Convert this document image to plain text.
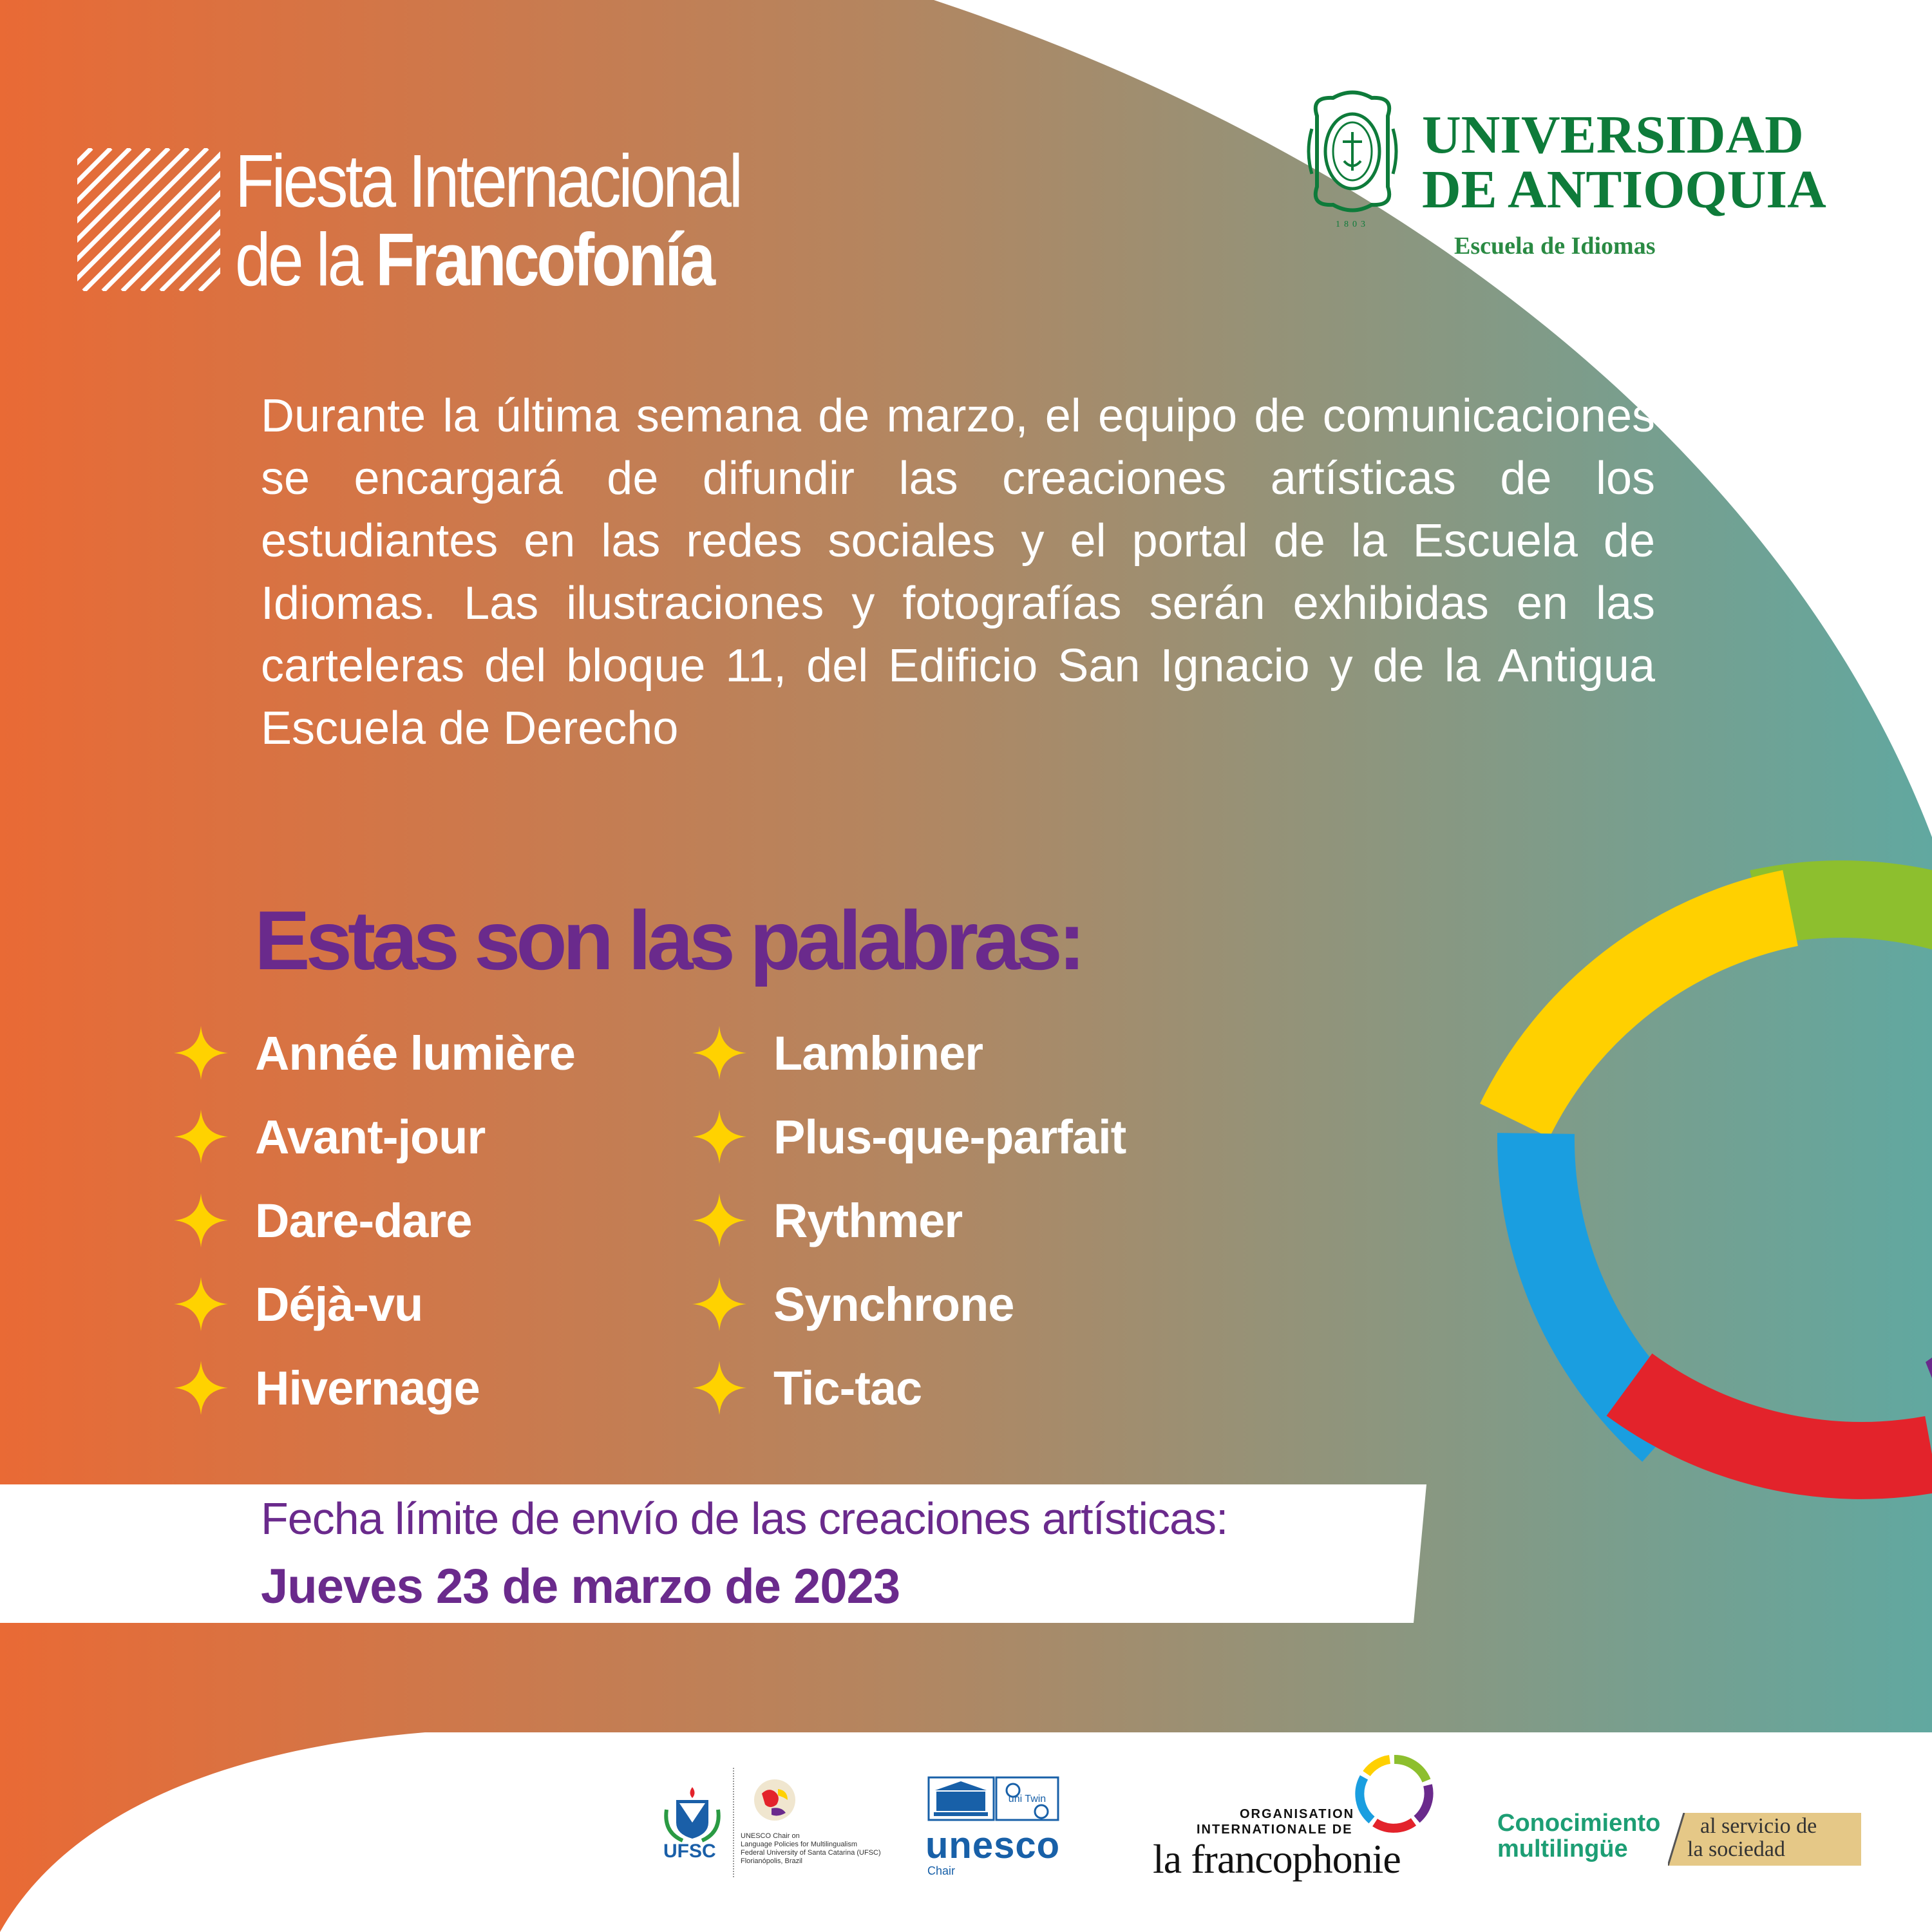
Fiesta Internacional
de la Francofonía	1803
UNIVERSIDAD
DE ANTIOQUIA
Escuela de Idiomas
Durante la última semana de marzo, el equipo de comunicaciones se encargará de difundir las creaciones artísticas de los estudiantes en las redes sociales y el portal de la Escuela de Idiomas. Las ilustraciones y fotografías serán exhibidas en las carteleras del bloque 11, del Edificio San Ignacio y de la Antigua Escuela de Derecho
Estas son las palabras:
Année lumière
Avant-jour
Dare-dare
Déjà-vu
Hivernage
Lambiner
Plus-que-parfait
Rythmer
Synchrone
Tic-tac
Fecha límite de envío de las creaciones artísticas:
Jueves 23 de marzo de 2023
UFSC
UNESCO Chair on
Language Policies for Multilingualism
Federal University of Santa Catarina (UFSC)
Florianópolis, Brazil
uni Twin
unesco
Chair
ORGANISATION
INTERNATIONALE DE
la francophonie
Conocimiento
multilingüe
al servicio de
la sociedad
